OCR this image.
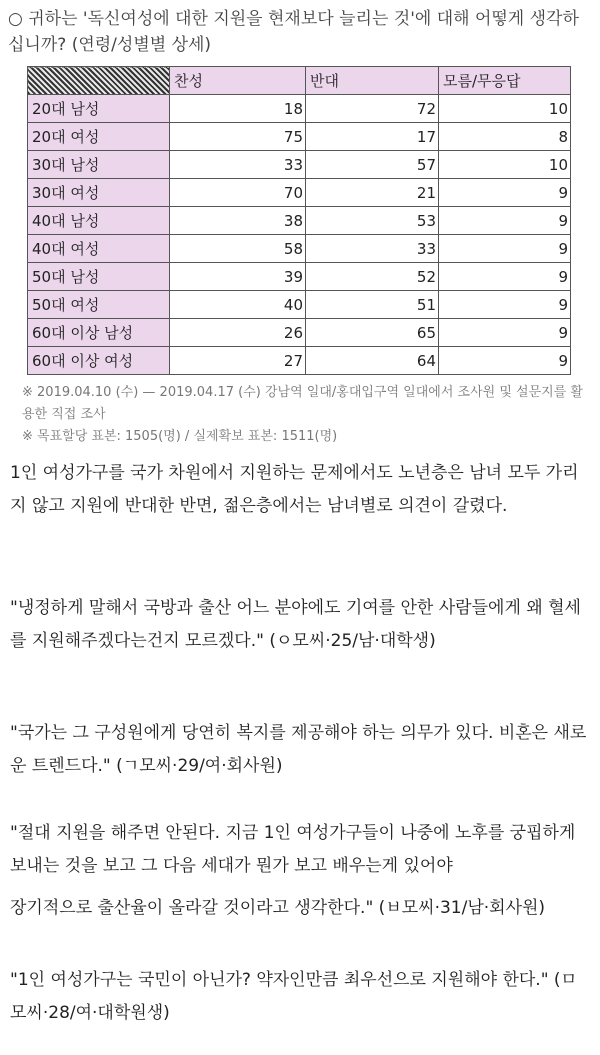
○ 귀하는 '독신여성에 대한 지원을 현재보다 늘리는 것'에 대해 어떻게 생각하십니까? (연령/성별별 상세)
	찬성	반대	모름/무응답
20대 남성	18	72	10
20대 여성	75	17	8
30대 남성	33	57	10
30대 여성	70	21	9
40대 남성	38	53	9
40대 여성	58	33	9
50대 남성	39	52	9
50대 여성	40	51	9
60대 이상 남성	26	65	9
60대 이상 여성	27	64	9
※ 2019.04.10 (수) — 2019.04.17 (수) 강남역 일대/홍대입구역 일대에서 조사원 및 설문지를 활용한 직접 조사
※ 목표할당 표본: 1505(명) / 실제확보 표본: 1511(명)

1인 여성가구를 국가 차원에서 지원하는 문제에서도 노년층은 남녀 모두 가리지 않고 지원에 반대한 반면, 젊은층에서는 남녀별로 의견이 갈렸다.

"냉정하게 말해서 국방과 출산 어느 분야에도 기여를 안한 사람들에게 왜 혈세를 지원해주겠다는건지 모르겠다." (ㅇ모씨·25/남·대학생)

"국가는 그 구성원에게 당연히 복지를 제공해야 하는 의무가 있다. 비혼은 새로운 트렌드다." (ㄱ모씨·29/여·회사원)

"절대 지원을 해주면 안된다. 지금 1인 여성가구들이 나중에 노후를 궁핍하게 보내는 것을 보고 그 다음 세대가 뭔가 보고 배우는게 있어야

장기적으로 출산율이 올라갈 것이라고 생각한다." (ㅂ모씨·31/남·회사원)

"1인 여성가구는 국민이 아닌가? 약자인만큼 최우선으로 지원해야 한다." (ㅁ모씨·28/여·대학원생)
